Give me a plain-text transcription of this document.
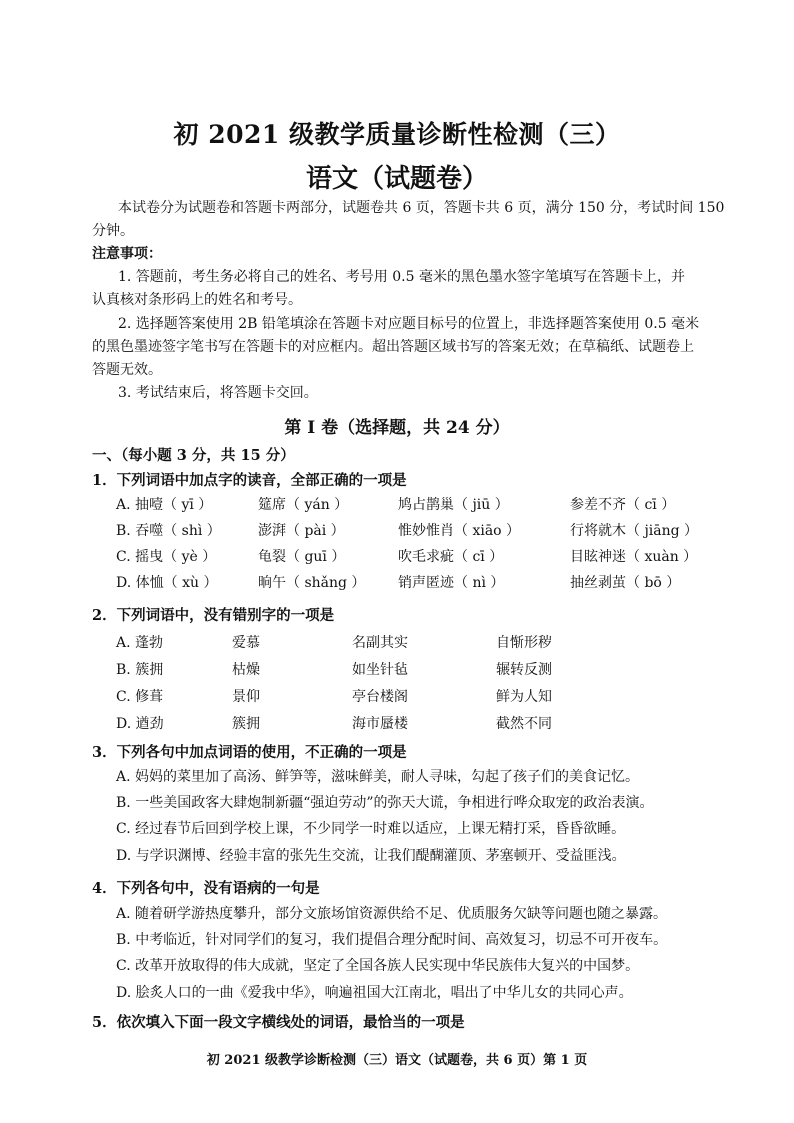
初 2021 级教学质量诊断性检测（三）
语文（试题卷）
本试卷分为试题卷和答题卡两部分，试题卷共 6 页，答题卡共 6 页，满分 150 分，考试时间 150
分钟。
注意事项：
1. 答题前，考生务必将自己的姓名、考号用 0.5 毫米的黑色墨水签字笔填写在答题卡上，并
认真核对条形码上的姓名和考号。
2. 选择题答案使用 2B 铅笔填涂在答题卡对应题目标号的位置上，非选择题答案使用 0.5 毫米
的黑色墨迹签字笔书写在答题卡的对应框内。超出答题区域书写的答案无效；在草稿纸、试题卷上
答题无效。
3. 考试结束后，将答题卡交回。
第 I 卷（选择题，共 24 分）
一、（每小题 3 分，共 15 分）
1．下列词语中加点字的读音，全部正确的一项是
A. 抽噎（ yī ）	筵席（ yán ）	鸠占鹊巢（ jiū ）	参差不齐（ cī ）
B. 吞噬（ shì ）	澎湃（ pài ）	惟妙惟肖（ xiāo ）	行将就木（ jiāng ）
C. 摇曳（ yè ）	龟裂（ guī ）	吹毛求疵（ cī ）	目眩神迷（ xuàn ）
D. 体恤（ xù ）	晌午（ shǎng ） 销声匿迹（ nì ）	抽丝剥茧（ bō ）
2．下列词语中，没有错别字的一项是
A. 蓬勃	爱慕	名副其实	自惭形秽
B. 簇拥	枯燥	如坐针毡	辗转反测
C. 修葺	景仰	亭台楼阁	鲜为人知
D. 遒劲	簇拥	海市蜃楼	截然不同
3．下列各句中加点词语的使用，不正确的一项是
A. 妈妈的菜里加了高汤、鲜笋等，滋味鲜美，耐人寻味，勾起了孩子们的美食记忆。
B. 一些美国政客大肆炮制新疆“强迫劳动”的弥天大谎，争相进行哗众取宠的政治表演。
C. 经过春节后回到学校上课，不少同学一时难以适应，上课无精打采，昏昏欲睡。
D. 与学识渊博、经验丰富的张先生交流，让我们醍醐灌顶、茅塞顿开、受益匪浅。
4．下列各句中，没有语病的一句是
A. 随着研学游热度攀升，部分文旅场馆资源供给不足、优质服务欠缺等问题也随之暴露。
B. 中考临近，针对同学们的复习，我们提倡合理分配时间、高效复习，切忌不可开夜车。
C. 改革开放取得的伟大成就，坚定了全国各族人民实现中华民族伟大复兴的中国梦。
D. 脍炙人口的一曲《爱我中华》，响遍祖国大江南北，唱出了中华儿女的共同心声。
5．依次填入下面一段文字横线处的词语，最恰当的一项是
初 2021 级教学诊断检测（三）语文（试题卷，共 6 页）第 1 页
